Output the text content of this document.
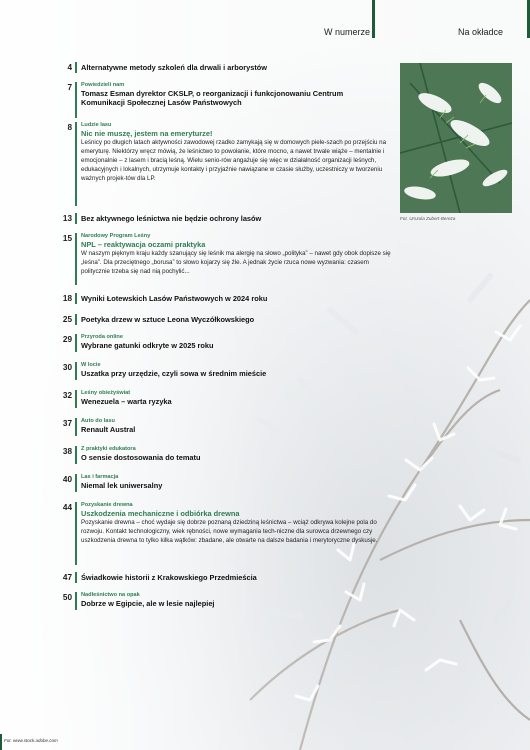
W numerze	Na okładce
Fot. Urszula Zubert-Bereza
4 Alternatywne metody szkoleń dla drwali i arborystów
7 Powiedzieli nam
Tomasz Esman dyrektor CKSLP, o reorganizacji i funkcjonowaniu Centrum Komunikacji Społecznej Lasów Państwowych
8 Ludzie lasu
Nic nie muszę, jestem na emeryturze!
Leśnicy po długich latach aktywności zawodowej rzadko zamykają się w domowych piele-szach po przejściu na emeryturę. Niektórzy wręcz mówią, że leśnictwo to powołanie, które mocno, a nawet trwale wiąże – mentalnie i emocjonalnie – z lasem i bracią leśną. Wielu senio-rów angażuje się więc w działalność organizacji leśnych, edukacyjnych i lokalnych, utrzymuje kontakty i przyjaźnie nawiązane w czasie służby, uczestniczy w tworzeniu ważnych projek-tów dla LP.
13 Bez aktywnego leśnictwa nie będzie ochrony lasów
15 Narodowy Program Leśny
NPL – reaktywacja oczami praktyka
W naszym pięknym kraju każdy szanujący się leśnik ma alergię na słowo „polityka” – nawet gdy obok dopisze się „leśna”. Dla przeciętnego „borusa” to słowo kojarzy się źle. A jednak życie rzuca nowe wyzwania: czasem politycznie trzeba się nad nią pochylić...
18 Wyniki Łotewskich Lasów Państwowych w 2024 roku
25 Poetyka drzew w sztuce Leona Wyczółkowskiego
29 Przyroda online
Wybrane gatunki odkryte w 2025 roku
30 W locie
Uszatka przy urzędzie, czyli sowa w średnim mieście
32 Leśny obieżyświat
Wenezuela – warta ryzyka
37 Auto do lasu
Renault Austral
38 Z praktyki edukatora
O sensie dostosowania do tematu
40 Las i farmacja
Niemal lek uniwersalny
44 Pozyskanie drewna
Uszkodzenia mechaniczne i odbiórka drewna
Pozyskanie drewna – choć wydaje się dobrze poznaną dziedziną leśnictwa – wciąż odkrywa kolejne pola do rozwoju. Kontakt technologiczny, wiek rębności, nowe wymagania tech-niczne dla surowca drzewnego czy uszkodzenia drewna to tylko kilka wątków: zbadane, ale otwarte na dalsze badania i merytoryczne dyskusje.
47 Świadkowie historii z Krakowskiego Przedmieścia
50 Nadleśnictwo na opak
Dobrze w Egipcie, ale w lesie najlepiej
Fot. www.stock.adobe.com
